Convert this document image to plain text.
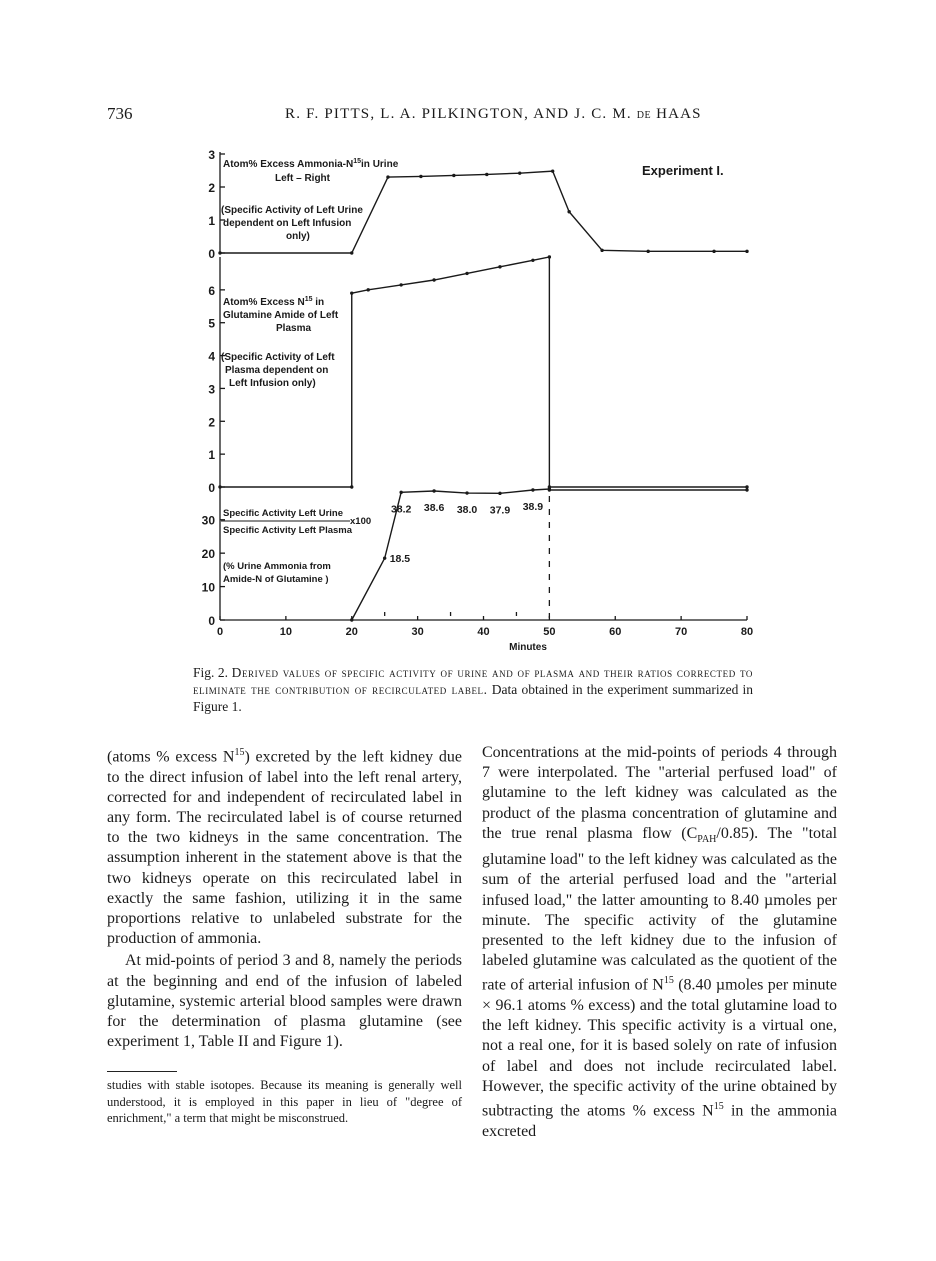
736	R. F. PITTS, L. A. PILKINGTON, AND J. C. M. DE HAAS
3
2
1
0
6
5
4
3
2
1
0
30
20
10
0
0	10	20	30	40	50	60	70	80
Experiment I.
Atom% Excess Ammonia-$N^{15}in$ Urine
Left – Right
(Specific Activity of Left Urine
dependent on Left Infusion
only)
Atom% Excess $N^{15}$ in
Glutamine Amide of Left
Plasma
(Specific Activity of Left
Plasma dependent on
Left Infusion only)
Specific Activity Left Urine
x100
Specific Activity Left Plasma
(% Urine Ammonia from
Amide-N of Glutamine )
18.5
38.2 38.6 38.0 37.9 38.9
Minutes
Fig. 2. Derived values of specific activity of urine and of plasma and their ratios corrected to eliminate the contribution of recirculated label. Data obtained in the experiment summarized in Figure 1.

(atoms % excess $N^{15}$) excreted by the left kidney due to the direct infusion of label into the left renal artery, corrected for and independent of recirculated label in any form. The recirculated label is of course returned to the two kidneys in the same concentration. The assumption inherent in the statement above is that the two kidneys operate on this recirculated label in exactly the same fashion, utilizing it in the same proportions relative to unlabeled substrate for the production of ammonia.

At mid-points of period 3 and 8, namely the periods at the beginning and end of the infusion of labeled glutamine, systemic arterial blood samples were drawn for the determination of plasma glutamine (see experiment 1, Table II and Figure 1).

studies with stable isotopes. Because its meaning is generally well understood, it is employed in this paper in lieu of "degree of enrichment," a term that might be misconstrued.

Concentrations at the mid-points of periods 4 through 7 were interpolated. The "arterial perfused load" of glutamine to the left kidney was calculated as the product of the plasma concentration of glutamine and the true renal plasma flow $(C_{PAH}/0.85)$. The "total glutamine load" to the left kidney was calculated as the sum of the arterial perfused load and the "arterial infused load," the latter amounting to 8.40 µmoles per minute. The specific activity of the glutamine presented to the left kidney due to the infusion of labeled glutamine was calculated as the quotient of the rate of arterial infusion of $N^{15}$ (8.40 µmoles per minute × 96.1 atoms % excess) and the total glutamine load to the left kidney. This specific activity is a virtual one, not a real one, for it is based solely on rate of infusion of label and does not include recirculated label. However, the specific activity of the urine obtained by subtracting the atoms % excess $N^{15}$ in the ammonia excreted
